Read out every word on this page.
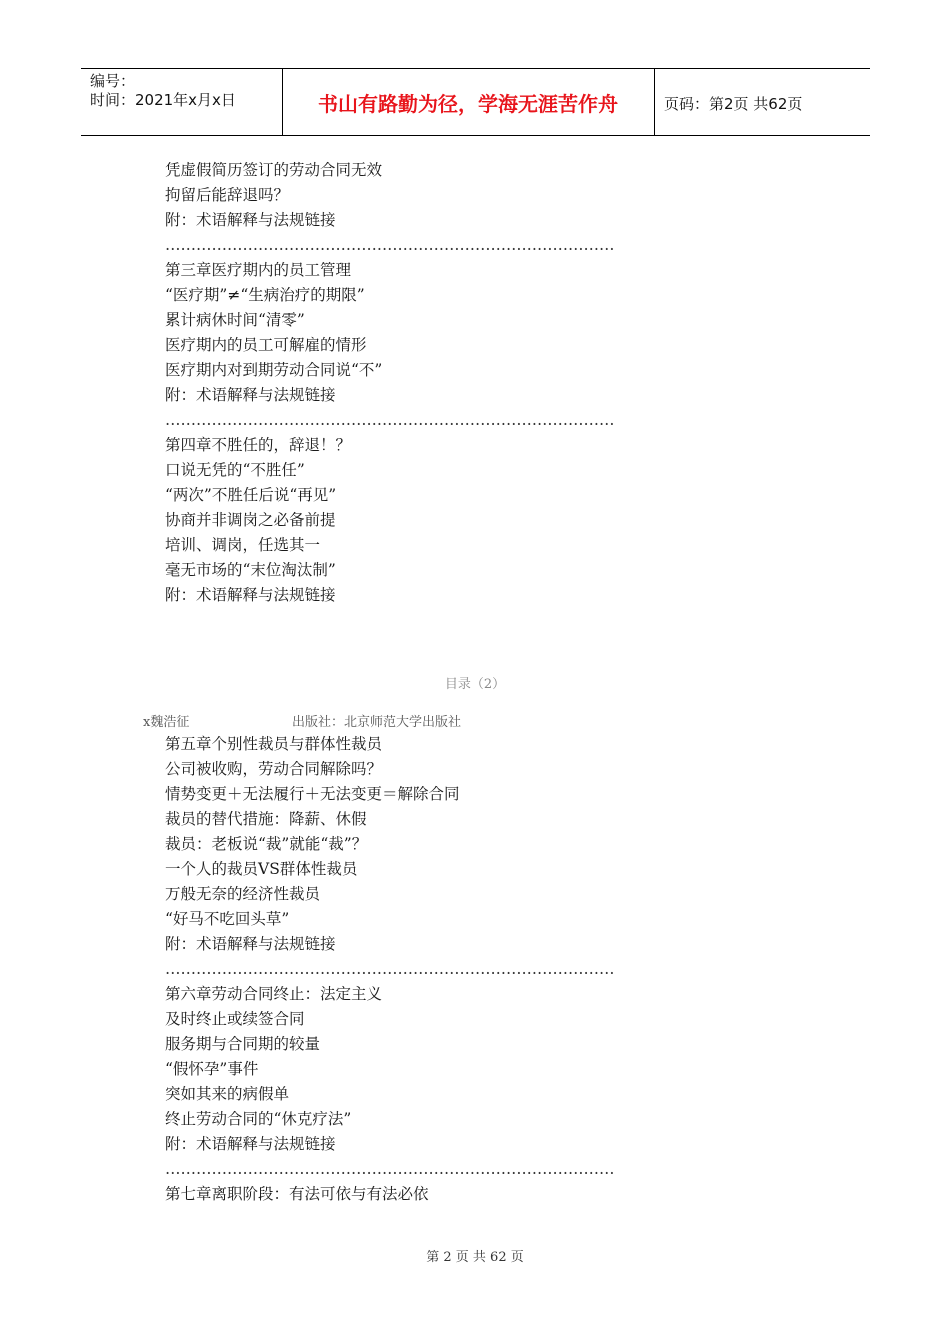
编号：
时间：2021年x月x日	书山有路勤为径，学海无涯苦作舟	页码：第2页 共62页
凭虚假简历签订的劳动合同无效
拘留后能辞退吗？
附：术语解释与法规链接
……………………………………………………………………………
第三章医疗期内的员工管理
“医疗期”≠“生病治疗的期限”
累计病休时间“清零”
医疗期内的员工可解雇的情形
医疗期内对到期劳动合同说“不”
附：术语解释与法规链接
……………………………………………………………………………
第四章不胜任的，辞退！？
口说无凭的“不胜任”
“两次”不胜任后说“再见”
协商并非调岗之必备前提
培训、调岗，任选其一
毫无市场的“末位淘汰制”
附：术语解释与法规链接
目录（2）
x魏浩征	出版社：北京师范大学出版社
第五章个别性裁员与群体性裁员
公司被收购，劳动合同解除吗？
情势变更＋无法履行＋无法变更＝解除合同
裁员的替代措施：降薪、休假
裁员：老板说“裁”就能“裁”？
一个人的裁员VS群体性裁员
万般无奈的经济性裁员
“好马不吃回头草”
附：术语解释与法规链接
……………………………………………………………………………
第六章劳动合同终止：法定主义
及时终止或续签合同
服务期与合同期的较量
“假怀孕”事件
突如其来的病假单
终止劳动合同的“休克疗法”
附：术语解释与法规链接
……………………………………………………………………………
第七章离职阶段：有法可依与有法必依
第 2 页 共 62 页
